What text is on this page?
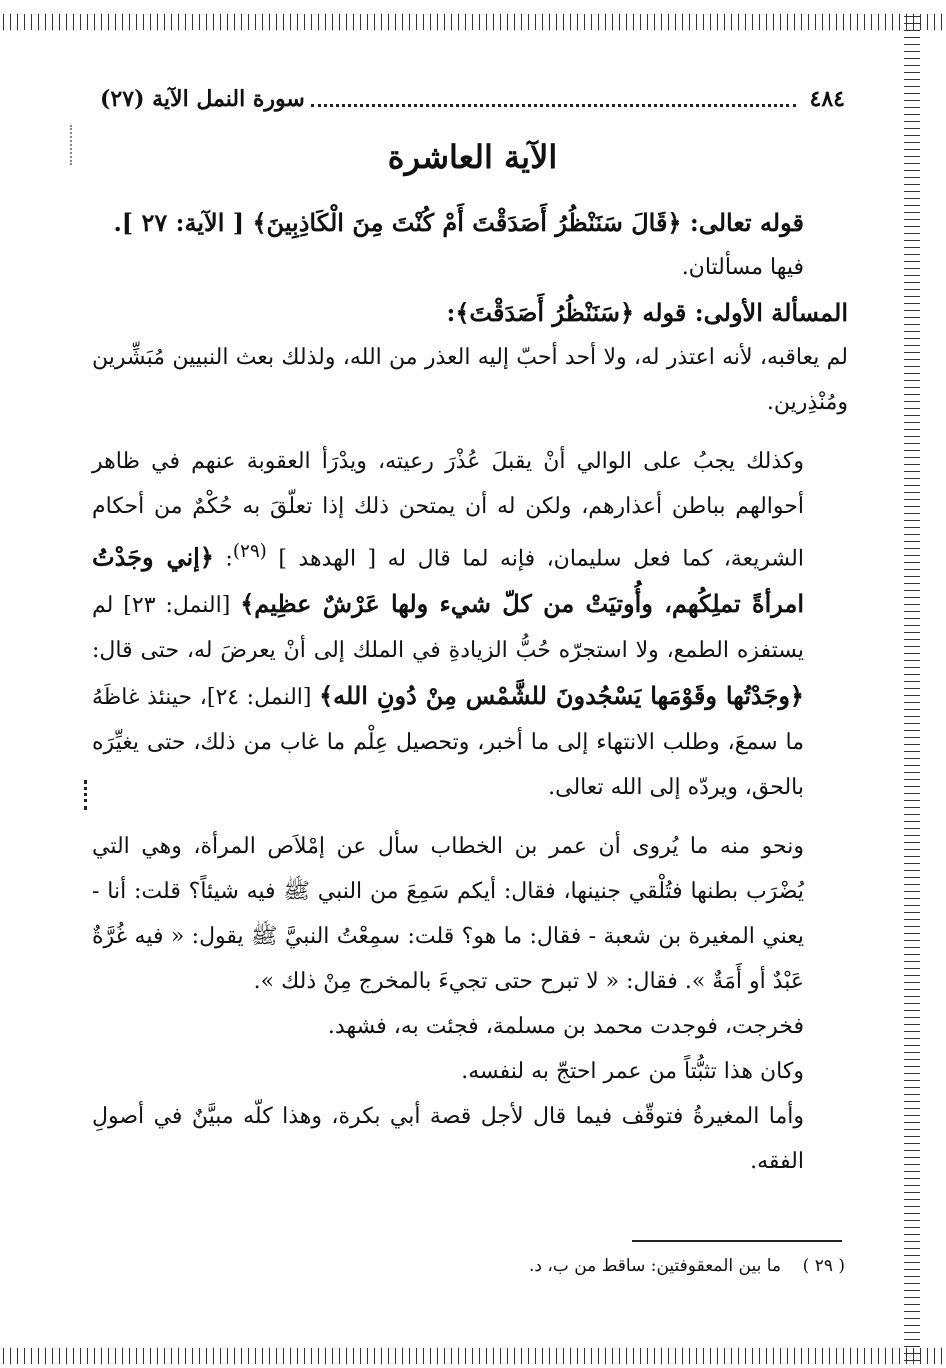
٤٨٤
سورة النمل الآية (٢٧)
الآية العاشرة

قوله تعالى: ﴿قَالَ سَنَنْظُرُ أَصَدَقْتَ أَمْ كُنْتَ مِنَ الْكَاذِبِينَ﴾ [ الآية: ٢٧ ].

فيها مسألتان.

المسألة الأولى: قوله ﴿سَنَنْظُرُ أَصَدَقْتَ﴾:

لم يعاقبه، لأنه اعتذر له، ولا أحد أحبّ إليه العذر من الله، ولذلك بعث النبيين مُبَشِّرين ومُنْذِرين.

وكذلك يجبُ على الوالي أنْ يقبلَ عُذْرَ رعيته، ويدْرَأ العقوبة عنهم في ظاهر أحوالهم بباطن أعذارهم، ولكن له أن يمتحن ذلك إذا تعلّقَ به حُكْمٌ من أحكام الشريعة، كما فعل سليمان، فإنه لما قال له [ الهدهد ] $^{(٢٩)}$: ﴿إني وجَدْتُ امرأةً تملِكُهم، وأُوتيَتْ من كلّ شيء ولها عَرْشٌ عظِيم﴾ [النمل: ٢٣] لم يستفزه الطمع، ولا استجرّه حُبُّ الزيادةِ في الملك إلى أنْ يعرضَ له، حتى قال: ﴿وجَدْتُها وقَوْمَها يَسْجُدونَ للشَّمْس مِنْ دُونِ الله﴾ [النمل: ٢٤]، حينئذ غاظَهُ ما سمعَ، وطلب الانتهاء إلى ما أخبر، وتحصيل عِلْم ما غاب من ذلك، حتى يغيِّرَه بالحق، ويردّه إلى الله تعالى.

ونحو منه ما يُروى أن عمر بن الخطاب سأل عن إمْلاَص المرأة، وهي التي يُضْرَب بطنها فتُلْقي جنينها، فقال: أيكم سَمِعَ من النبي ﷺ فيه شيئاً؟ قلت: أنا - يعني المغيرة بن شعبة - فقال: ما هو؟ قلت: سمِعْتُ النبيَّ ﷺ يقول: « فيه غُرَّةٌ عَبْدٌ أو أَمَةٌ ». فقال: « لا تبرح حتى تجيءَ بالمخرج مِنْ ذلك ».

فخرجت، فوجدت محمد بن مسلمة، فجئت به، فشهد.

وكان هذا تثبُّتاً من عمر احتجّ به لنفسه.

وأما المغيرةُ فتوقّف فيما قال لأجل قصة أبي بكرة، وهذا كلّه مبيَّنٌ في أصولِ الفقه.

( ٢٩ )    ما بين المعقوفتين: ساقط من ب، د.
